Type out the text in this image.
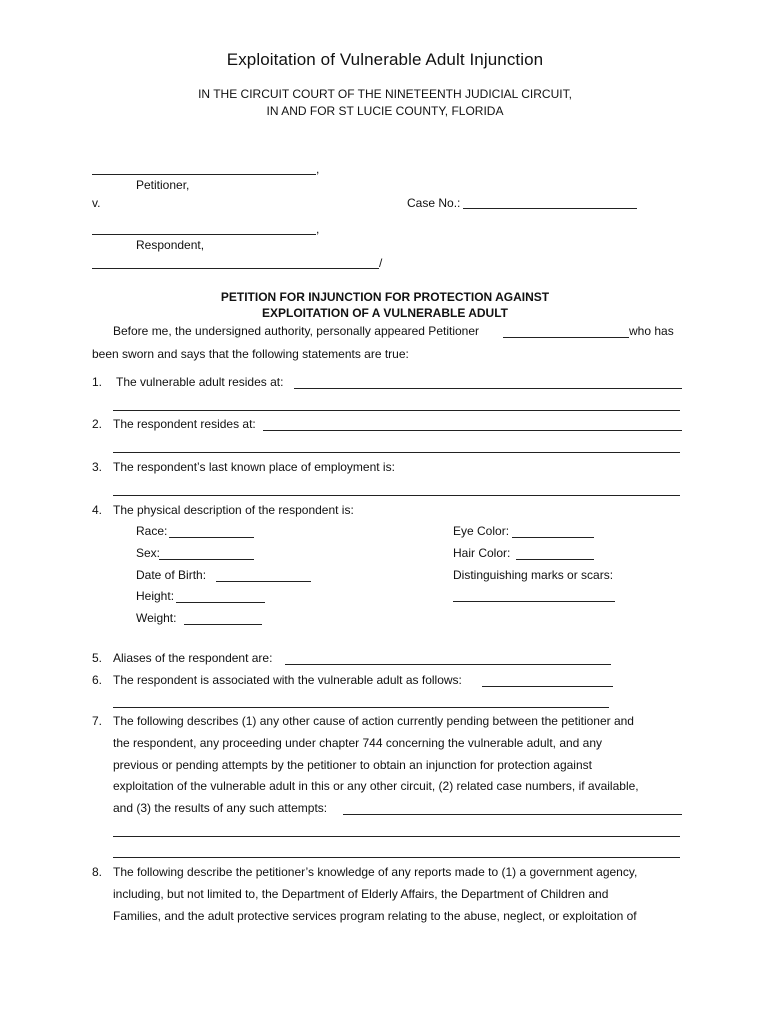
Exploitation of Vulnerable Adult Injunction
IN THE CIRCUIT COURT OF THE NINETEENTH JUDICIAL CIRCUIT,
IN AND FOR ST LUCIE COUNTY, FLORIDA
,
Petitioner,
v.	Case No.:
,
Respondent,
/
PETITION FOR INJUNCTION FOR PROTECTION AGAINST
EXPLOITATION OF A VULNERABLE ADULT
Before me, the undersigned authority, personally appeared Petitioner	who has
been sworn and says that the following statements are true:
1. The vulnerable adult resides at:
2. The respondent resides at:
3. The respondent’s last known place of employment is:
4. The physical description of the respondent is:
Race:
Sex:
Date of Birth:
Height:
Weight:
Eye Color:
Hair Color:
Distinguishing marks or scars:
5. Aliases of the respondent are:
6. The respondent is associated with the vulnerable adult as follows:
7. The following describes (1) any other cause of action currently pending between the petitioner and
the respondent, any proceeding under chapter 744 concerning the vulnerable adult, and any
previous or pending attempts by the petitioner to obtain an injunction for protection against
exploitation of the vulnerable adult in this or any other circuit, (2) related case numbers, if available,
and (3) the results of any such attempts:
8. The following describe the petitioner’s knowledge of any reports made to (1) a government agency,
including, but not limited to, the Department of Elderly Affairs, the Department of Children and
Families, and the adult protective services program relating to the abuse, neglect, or exploitation of
